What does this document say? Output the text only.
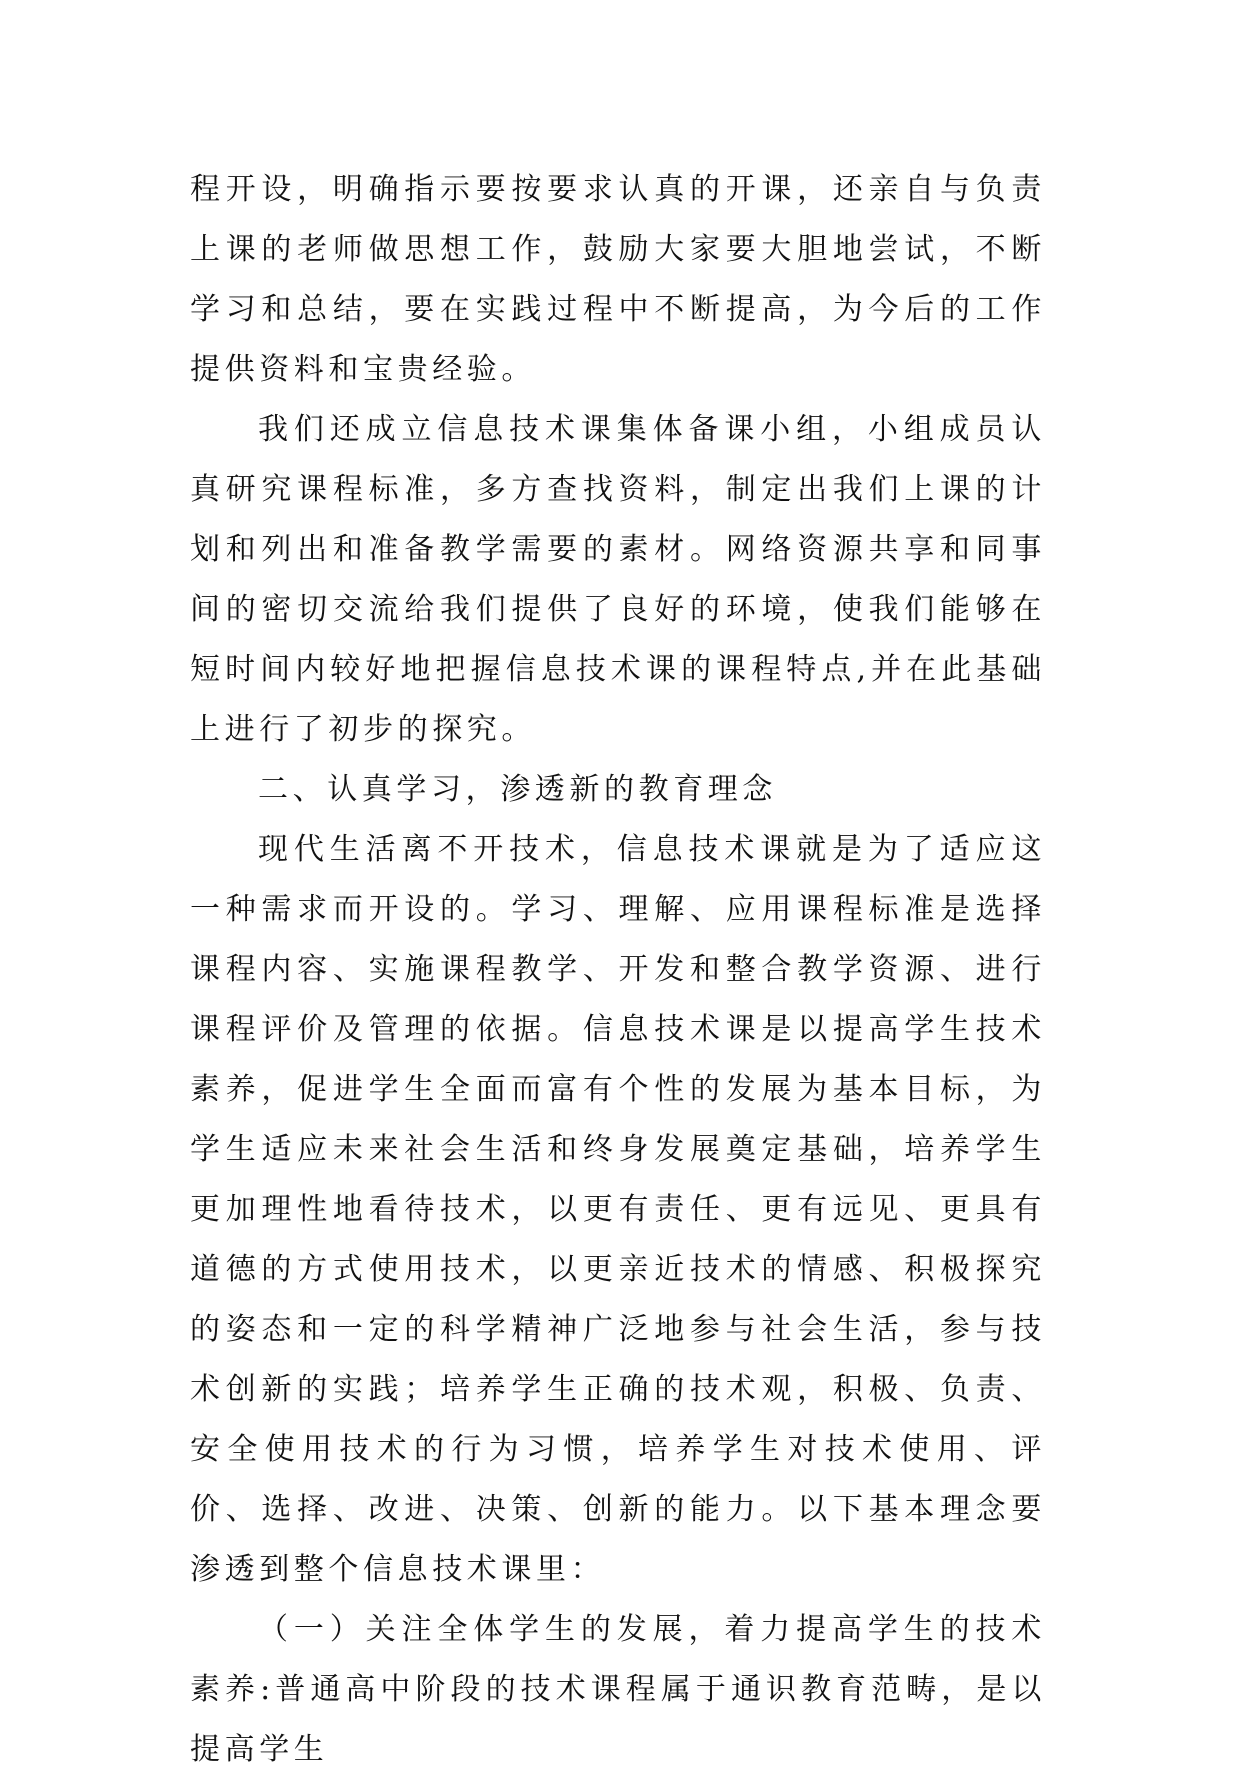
程开设，明确指示要按要求认真的开课，还亲自与负责上课的老师做思想工作，鼓励大家要大胆地尝试，不断学习和总结，要在实践过程中不断提高，为今后的工作提供资料和宝贵经验。

我们还成立信息技术课集体备课小组，小组成员认真研究课程标准，多方查找资料，制定出我们上课的计划和列出和准备教学需要的素材。网络资源共享和同事间的密切交流给我们提供了良好的环境，使我们能够在短时间内较好地把握信息技术课的课程特点,并在此基础上进行了初步的探究。

二、认真学习，渗透新的教育理念

现代生活离不开技术，信息技术课就是为了适应这一种需求而开设的。学习、理解、应用课程标准是选择课程内容、实施课程教学、开发和整合教学资源、进行课程评价及管理的依据。信息技术课是以提高学生技术素养，促进学生全面而富有个性的发展为基本目标，为学生适应未来社会生活和终身发展奠定基础，培养学生更加理性地看待技术，以更有责任、更有远见、更具有道德的方式使用技术，以更亲近技术的情感、积极探究的姿态和一定的科学精神广泛地参与社会生活，参与技术创新的实践；培养学生正确的技术观，积极、负责、安全使用技术的行为习惯，培养学生对技术使用、评价、选择、改进、决策、创新的能力。以下基本理念要渗透到整个信息技术课里：

（一）关注全体学生的发展，着力提高学生的技术素养:普通高中阶段的技术课程属于通识教育范畴，是以提高学生
